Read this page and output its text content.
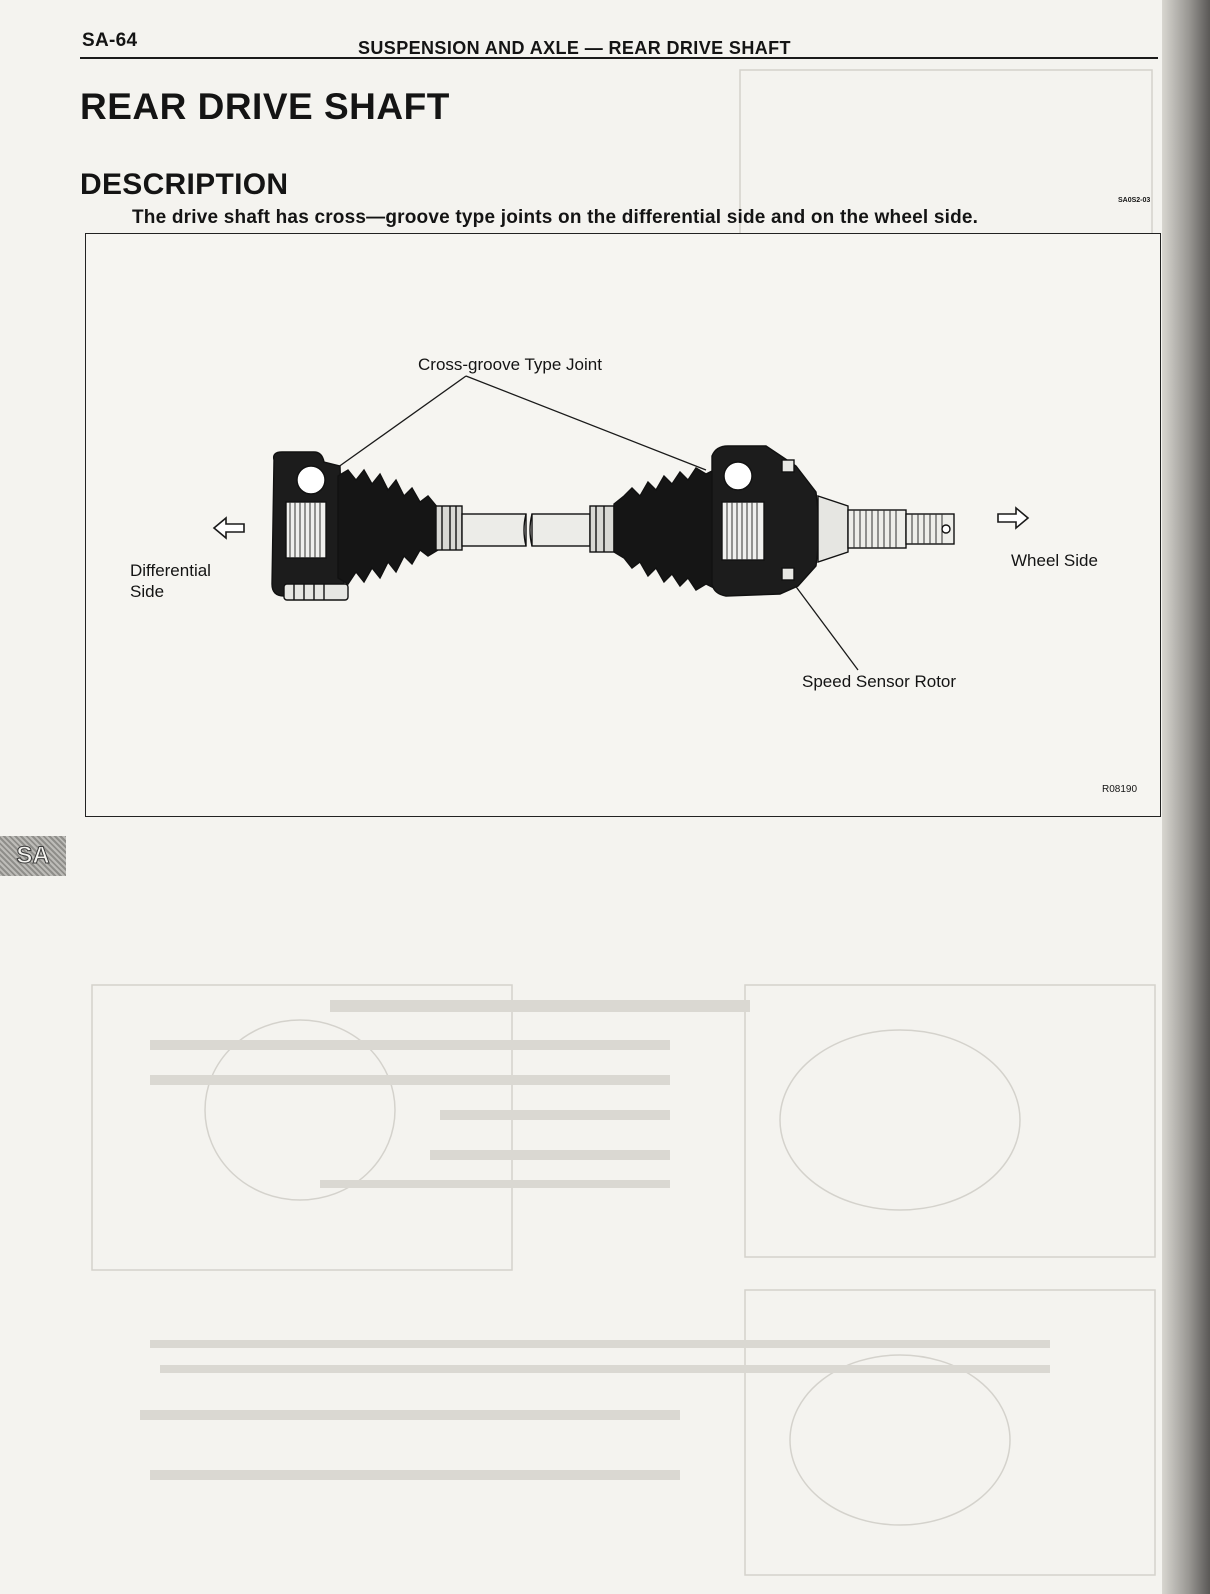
SA-64	SUSPENSION AND AXLE — REAR DRIVE SHAFT
REAR DRIVE SHAFT
DESCRIPTION	SA0S2-03
The drive shaft has cross—groove type joints on the differential side and on the wheel side.
Cross-groove Type Joint
Differential
Side
Wheel Side
Speed Sensor Rotor
R08190
SA
